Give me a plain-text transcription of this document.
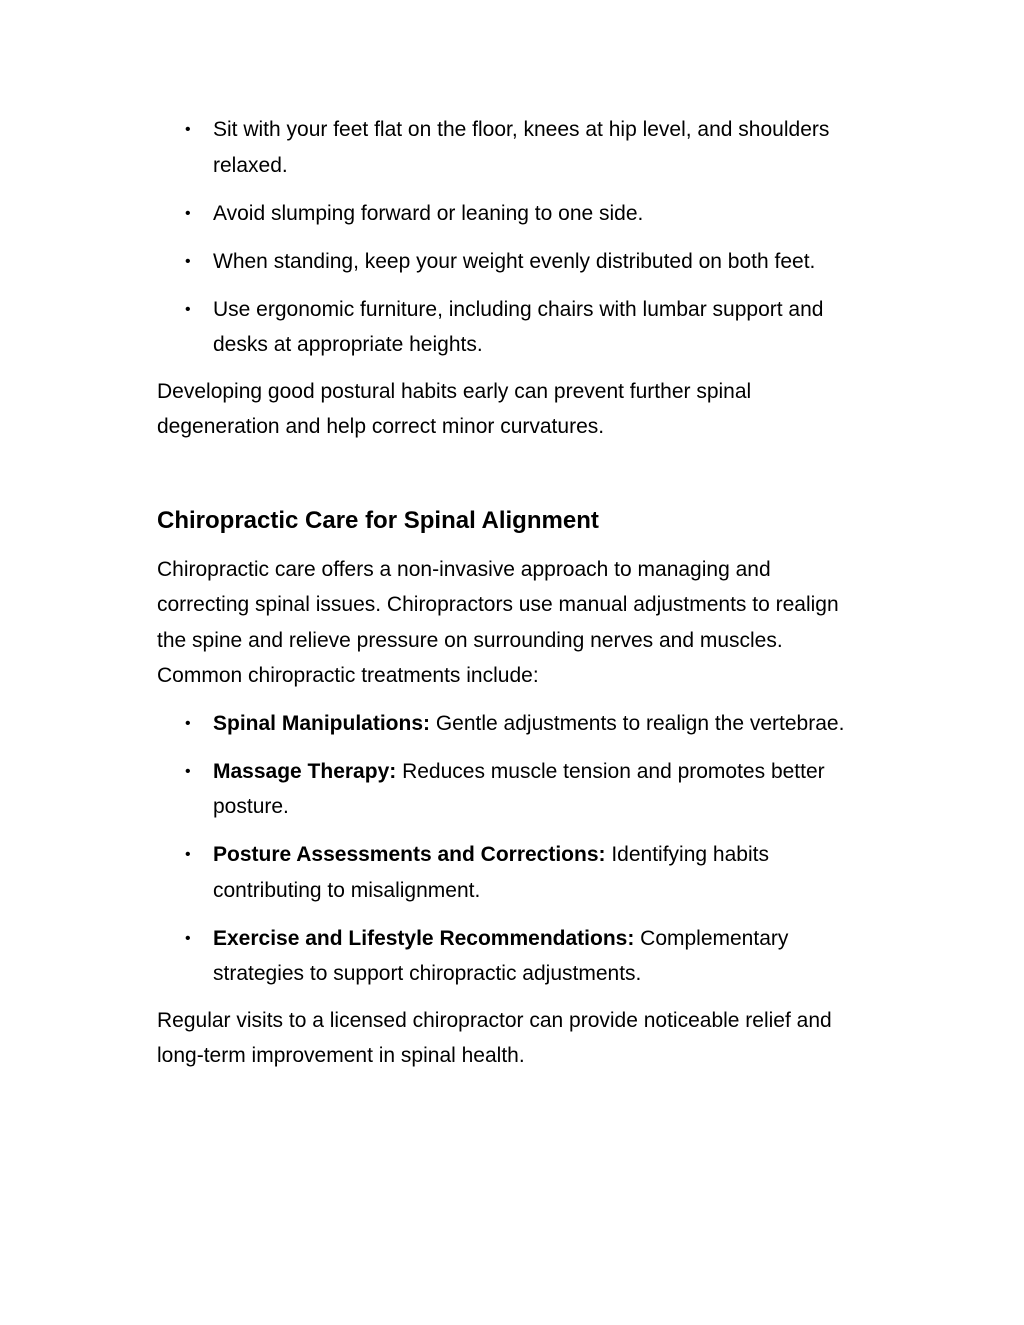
• Sit with your feet flat on the floor, knees at hip level, and shoulders relaxed.
• Avoid slumping forward or leaning to one side.
• When standing, keep your weight evenly distributed on both feet.
• Use ergonomic furniture, including chairs with lumbar support and desks at appropriate heights.

Developing good postural habits early can prevent further spinal degeneration and help correct minor curvatures.

Chiropractic Care for Spinal Alignment

Chiropractic care offers a non-invasive approach to managing and correcting spinal issues. Chiropractors use manual adjustments to realign the spine and relieve pressure on surrounding nerves and muscles. Common chiropractic treatments include:

• Spinal Manipulations: Gentle adjustments to realign the vertebrae.
• Massage Therapy: Reduces muscle tension and promotes better posture.
• Posture Assessments and Corrections: Identifying habits contributing to misalignment.
• Exercise and Lifestyle Recommendations: Complementary strategies to support chiropractic adjustments.

Regular visits to a licensed chiropractor can provide noticeable relief and long-term improvement in spinal health.
